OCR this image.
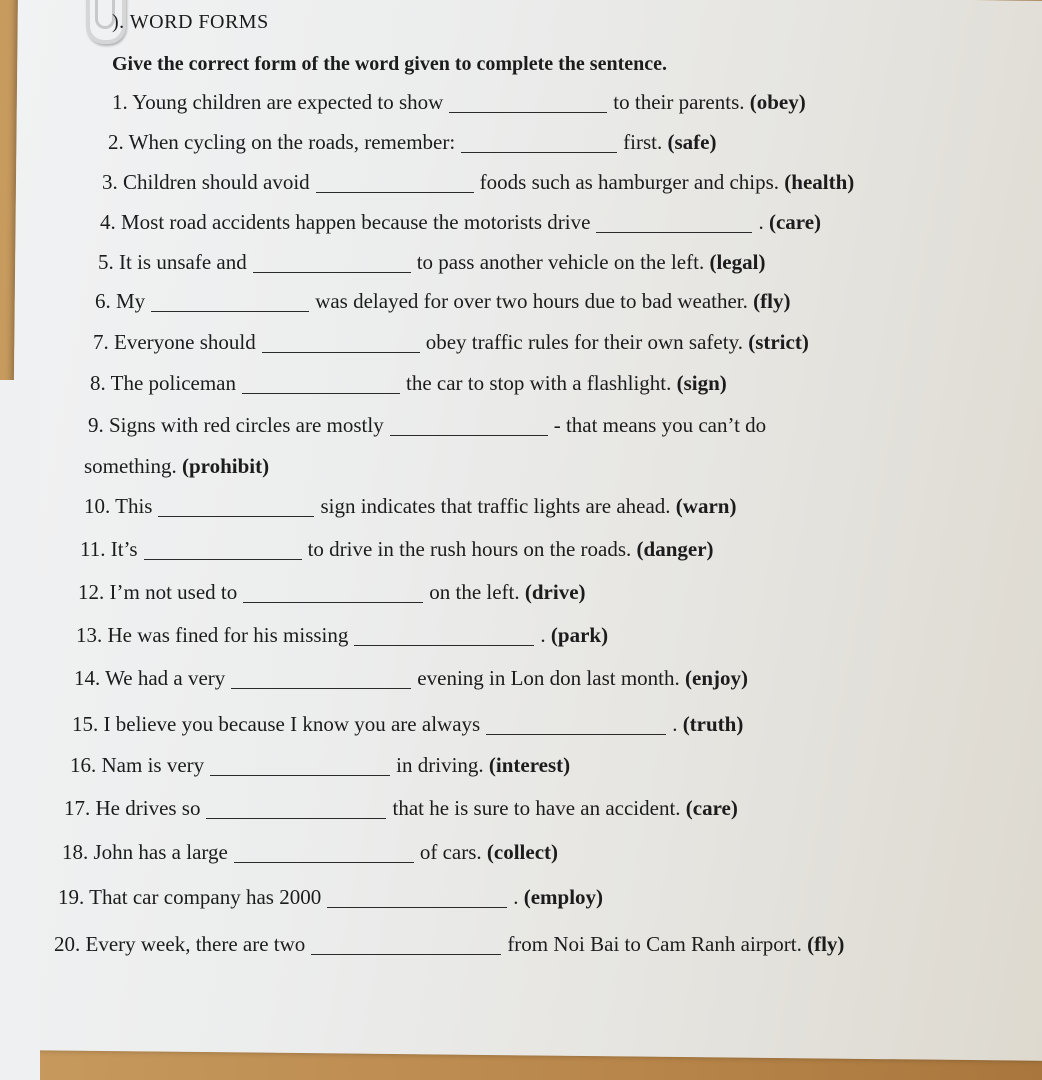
). WORD FORMS
Give the correct form of the word given to complete the sentence.
1. Young children are expected to show	to their parents. (obey)
2. When cycling on the roads, remember:	first. (safe)
3. Children should avoid	foods such as hamburger and chips. (health)
4. Most road accidents happen because the motorists drive	. (care)
5. It is unsafe and	to pass another vehicle on the left. (legal)
6. My	was delayed for over two hours due to bad weather. (fly)
7. Everyone should	obey traffic rules for their own safety. (strict)
8. The policeman	the car to stop with a flashlight. (sign)
9. Signs with red circles are mostly	- that means you can’t do
something. (prohibit)
10. This	sign indicates that traffic lights are ahead. (warn)
11. It’s	to drive in the rush hours on the roads. (danger)
12. I’m not used to	on the left. (drive)
13. He was fined for his missing	. (park)
14. We had a very	evening in Lon don last month. (enjoy)
15. I believe you because I know you are always	. (truth)
16. Nam is very	in driving. (interest)
17. He drives so	that he is sure to have an accident. (care)
18. John has a large	of cars. (collect)
19. That car company has 2000	. (employ)
20. Every week, there are two	from Noi Bai to Cam Ranh airport. (fly)
